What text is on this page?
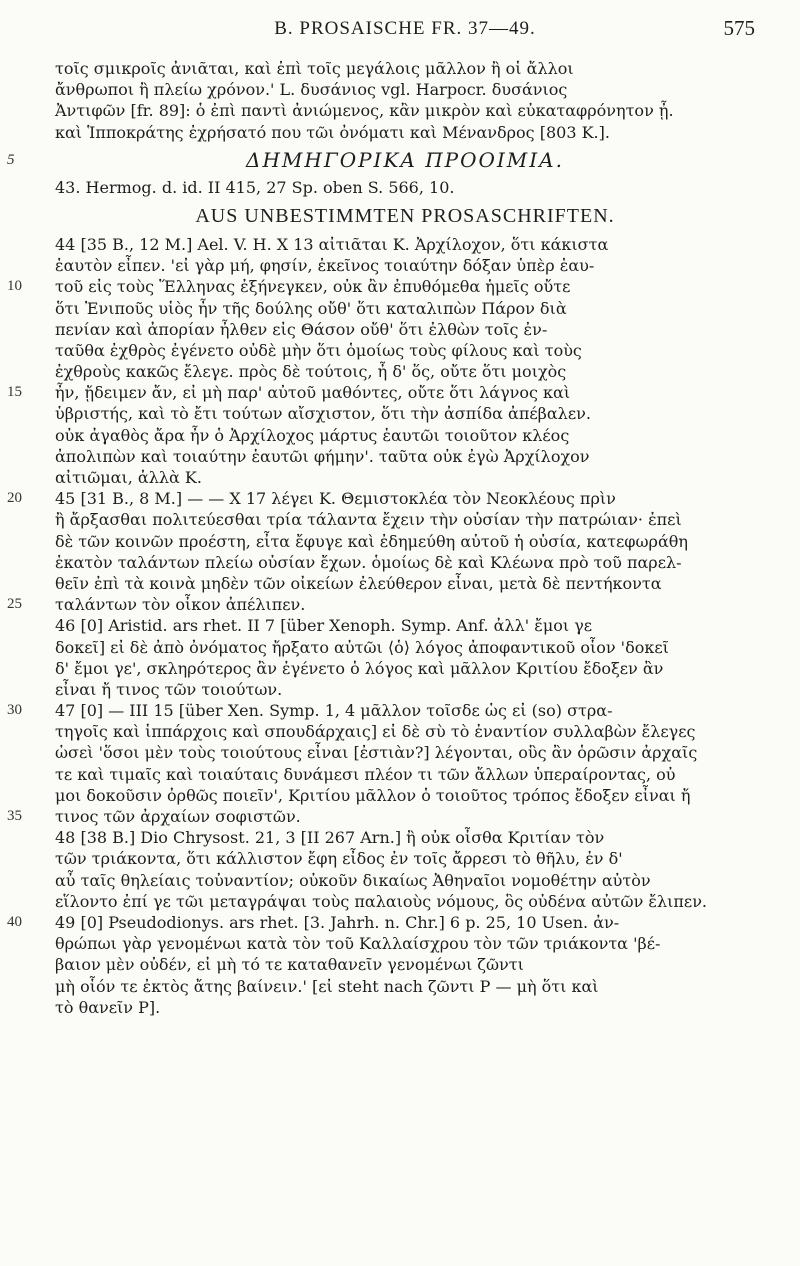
B. PROSAISCHE FR. 37—49.	575
τοῖς σμικροῖς ἀνιᾶται, καὶ ἐπὶ τοῖς μεγάλοις μᾶλλον ἢ οἱ ἄλλοι
ἄνθρωποι ἢ πλείω χρόνον.' L. δυσάνιος vgl. Harpocr. δυσάνιος
Ἀντιφῶν [fr. 89]: ὁ ἐπὶ παντὶ ἀνιώμενος, κἂν μικρὸν καὶ εὐκαταφρόνητον ᾖ.
καὶ Ἱπποκράτης ἐχρήσατό που τῶι ὀνόματι καὶ Μένανδρος [803 K.].
5	ΔΗΜΗΓΟΡΙΚΑ ΠΡΟΟΙΜΙΑ.
43. Hermog. d. id. II 415, 27 Sp. oben S. 566, 10.
AUS UNBESTIMMTEN PROSASCHRIFTEN.
44 [35 B., 12 M.] Ael. V. H. X 13 αἰτιᾶται Κ. Ἀρχίλοχον, ὅτι κάκιστα
ἑαυτὸν εἶπεν. 'εἰ γὰρ μή, φησίν, ἐκεῖνος τοιαύτην δόξαν ὑπὲρ ἑαυ-
10	τοῦ εἰς τοὺς Ἕλληνας ἐξήνεγκεν, οὐκ ἂν ἐπυθόμεθα ἡμεῖς οὔτε
ὅτι Ἐνιποῦς υἱὸς ἦν τῆς δούλης οὔθ' ὅτι καταλιπὼν Πάρον διὰ
πενίαν καὶ ἀπορίαν ἦλθεν εἰς Θάσον οὔθ' ὅτι ἐλθὼν τοῖς ἐν-
ταῦθα ἐχθρὸς ἐγένετο οὐδὲ μὴν ὅτι ὁμοίως τοὺς φίλους καὶ τοὺς
ἐχθροὺς κακῶς ἔλεγε. πρὸς δὲ τούτοις, ἦ δ' ὅς, οὔτε ὅτι μοιχὸς
15	ἦν, ᾔδειμεν ἄν, εἰ μὴ παρ' αὐτοῦ μαθόντες, οὔτε ὅτι λάγνος καὶ
ὑβριστής, καὶ τὸ ἔτι τούτων αἴσχιστον, ὅτι τὴν ἀσπίδα ἀπέβαλεν.
οὐκ ἀγαθὸς ἄρα ἦν ὁ Ἀρχίλοχος μάρτυς ἑαυτῶι τοιοῦτον κλέος
ἀπολιπὼν καὶ τοιαύτην ἑαυτῶι φήμην'. ταῦτα οὐκ ἐγὼ Ἀρχίλοχον
αἰτιῶμαι, ἀλλὰ Κ.
20	45 [31 B., 8 M.] — — X 17 λέγει Κ. Θεμιστοκλέα τὸν Νεοκλέους πρὶν
ἢ ἄρξασθαι πολιτεύεσθαι τρία τάλαντα ἔχειν τὴν οὐσίαν τὴν πατρώιαν· ἐπεὶ
δὲ τῶν κοινῶν προέστη, εἶτα ἔφυγε καὶ ἐδημεύθη αὐτοῦ ἡ οὐσία, κατεφωράθη
ἑκατὸν ταλάντων πλείω οὐσίαν ἔχων. ὁμοίως δὲ καὶ Κλέωνα πρὸ τοῦ παρελ-
θεῖν ἐπὶ τὰ κοινὰ μηδὲν τῶν οἰκείων ἐλεύθερον εἶναι, μετὰ δὲ πεντήκοντα
25	ταλάντων τὸν οἶκον ἀπέλιπεν.
46 [0] Aristid. ars rhet. II 7 [über Xenoph. Symp. Anf. ἀλλ' ἔμοι γε
δοκεῖ] εἰ δὲ ἀπὸ ὀνόματος ἤρξατο αὐτῶι ⟨ὁ⟩ λόγος ἀποφαντικοῦ οἷον 'δοκεῖ
δ' ἔμοι γε', σκληρότερος ἂν ἐγένετο ὁ λόγος καὶ μᾶλλον Κριτίου ἔδοξεν ἂν
εἶναι ἤ τινος τῶν τοιούτων.
30	47 [0] — III 15 [über Xen. Symp. 1, 4 μᾶλλον τοῖσδε ὡς εἰ (so) στρα-
τηγοῖς καὶ ἱππάρχοις καὶ σπουδάρχαις] εἰ δὲ σὺ τὸ ἐναντίον συλλαβὼν ἔλεγες
ὡσεὶ 'ὅσοι μὲν τοὺς τοιούτους εἶναι [ἐστιὰν?] λέγονται, οὓς ἂν ὁρῶσιν ἀρχαῖς
τε καὶ τιμαῖς καὶ τοιαύταις δυνάμεσι πλέον τι τῶν ἄλλων ὑπεραίροντας, οὐ
μοι δοκοῦσιν ὀρθῶς ποιεῖν', Κριτίου μᾶλλον ὁ τοιοῦτος τρόπος ἔδοξεν εἶναι ἤ
35	τινος τῶν ἀρχαίων σοφιστῶν.
48 [38 B.] Dio Chrysost. 21, 3 [II 267 Arn.] ἢ οὐκ οἶσθα Κριτίαν τὸν
τῶν τριάκοντα, ὅτι κάλλιστον ἔφη εἶδος ἐν τοῖς ἄρρεσι τὸ θῆλυ, ἐν δ'
αὖ ταῖς θηλείαις τοὐναντίον; οὐκοῦν δικαίως Ἀθηναῖοι νομοθέτην αὐτὸν
εἵλοντο ἐπί γε τῶι μεταγράψαι τοὺς παλαιοὺς νόμους, ὃς οὐδένα αὐτῶν ἔλιπεν.
40	49 [0] Pseudodionys. ars rhet. [3. Jahrh. n. Chr.] 6 p. 25, 10 Usen. ἀν-
θρώπωι γὰρ γενομένωι κατὰ τὸν τοῦ Καλλαίσχρου τὸν τῶν τριάκοντα 'βέ-
βαιον μὲν οὐδέν, εἰ μὴ τό τε καταθανεῖν γενομένωι ζῶντι
μὴ οἷόν τε ἐκτὸς ἄτης βαίνειν.' [εἰ steht nach ζῶντι P — μὴ ὅτι καὶ
τὸ θανεῖν P].
